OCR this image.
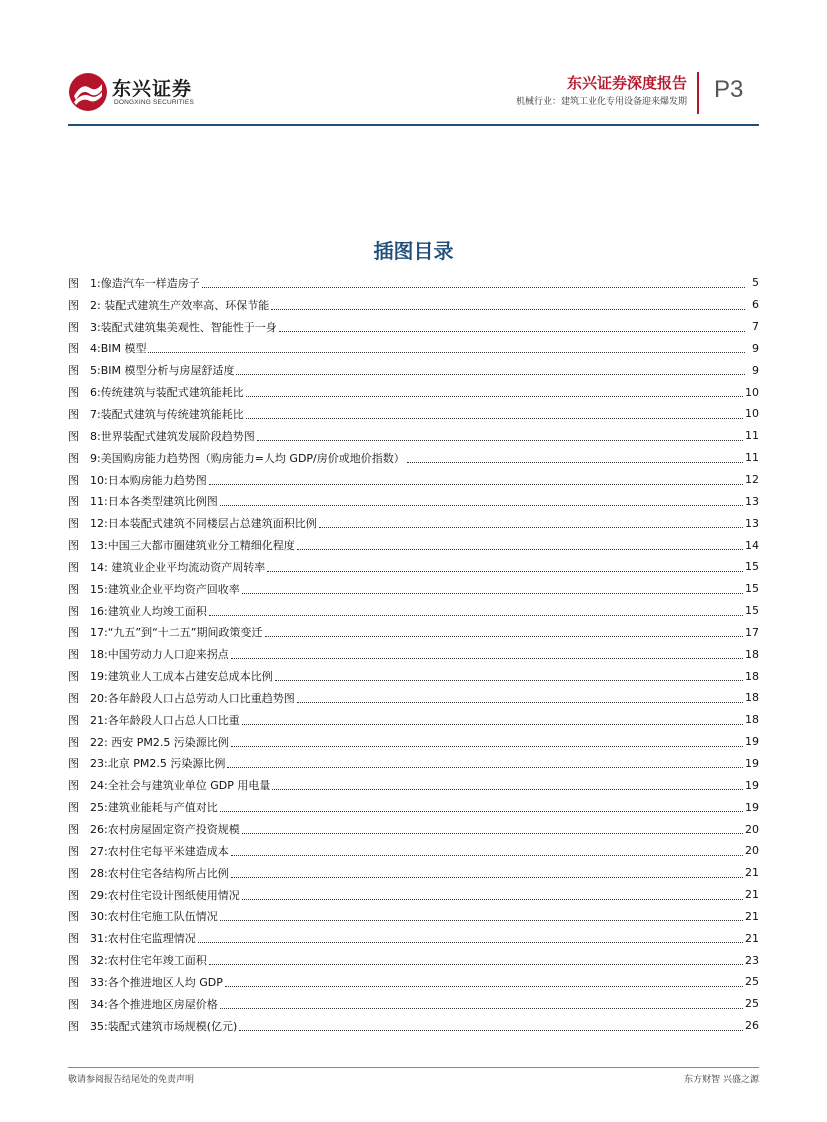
东兴证券
DONGXING SECURITIES
东兴证券深度报告
机械行业：建筑工业化专用设备迎来爆发期 P3
插图目录
图	1:像造汽车一样造房子	5
图	2: 装配式建筑生产效率高、环保节能	6
图	3:装配式建筑集美观性、智能性于一身	7
图	4:BIM 模型	9
图	5:BIM 模型分析与房屋舒适度	9
图	6:传统建筑与装配式建筑能耗比	10
图	7:装配式建筑与传统建筑能耗比	10
图	8:世界装配式建筑发展阶段趋势图	11
图	9:美国购房能力趋势图（购房能力=人均 GDP/房价或地价指数）	11
图	10:日本购房能力趋势图	12
图	11:日本各类型建筑比例图	13
图	12:日本装配式建筑不同楼层占总建筑面积比例	13
图	13:中国三大都市圈建筑业分工精细化程度	14
图	14: 建筑业企业平均流动资产周转率	15
图	15:建筑业企业平均资产回收率	15
图	16:建筑业人均竣工面积	15
图	17:“九五”到“十二五”期间政策变迁	17
图	18:中国劳动力人口迎来拐点	18
图	19:建筑业人工成本占建安总成本比例	18
图	20:各年龄段人口占总劳动人口比重趋势图	18
图	21:各年龄段人口占总人口比重	18
图	22: 西安 PM2.5 污染源比例	19
图	23:北京 PM2.5 污染源比例	19
图	24:全社会与建筑业单位 GDP 用电量	19
图	25:建筑业能耗与产值对比	19
图	26:农村房屋固定资产投资规模	20
图	27:农村住宅每平米建造成本	20
图	28:农村住宅各结构所占比例	21
图	29:农村住宅设计图纸使用情况	21
图	30:农村住宅施工队伍情况	21
图	31:农村住宅监理情况	21
图	32:农村住宅年竣工面积	23
图	33:各个推进地区人均 GDP	25
图	34:各个推进地区房屋价格	25
图	35:装配式建筑市场规模(亿元)	26
敬请参阅报告结尾处的免责声明	东方财智 兴盛之源
